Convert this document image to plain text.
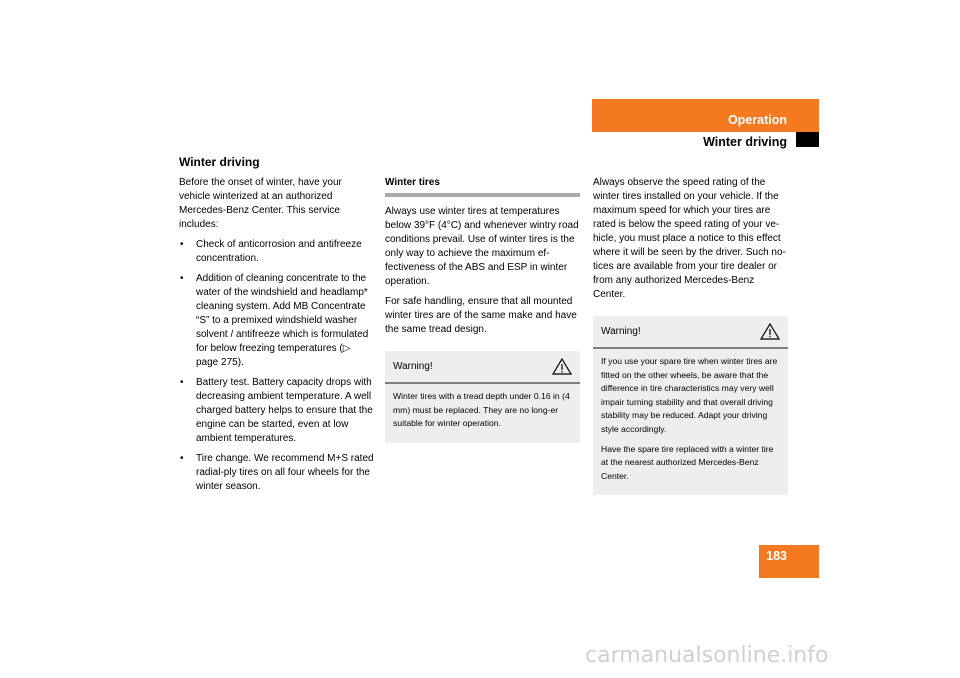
Operation
Winter driving
Winter driving

Before the onset of winter, have your vehicle winterized at an authorized Mercedes-Benz Center. This service includes:

• Check of anticorrosion and antifreeze concentration.
• Addition of cleaning concentrate to the water of the windshield and headlamp* cleaning system. Add MB Concentrate “S” to a premixed windshield washer solvent / antifreeze which is formulated for below freezing temperatures (▷ page 275).
• Battery test. Battery capacity drops with decreasing ambient temperature. A well charged battery helps to ensure that the engine can be started, even at low ambient temperatures.
• Tire change. We recommend M+S rated radial-ply tires on all four wheels for the winter season.
Winter tires

Always use winter tires at temperatures below 39°F (4°C) and whenever wintry road conditions prevail. Use of winter tires is the only way to achieve the maximum ef-fectiveness of the ABS and ESP in winter operation.

For safe handling, ensure that all mounted winter tires are of the same make and have the same tread design.

Warning!

Winter tires with a tread depth under 0.16 in (4 mm) must be replaced. They are no long-er suitable for winter operation.

Always observe the speed rating of the winter tires installed on your vehicle. If the maximum speed for which your tires are rated is below the speed rating of your ve-hicle, you must place a notice to this effect where it will be seen by the driver. Such no-tices are available from your tire dealer or from any authorized Mercedes-Benz Center.

Warning!

If you use your spare tire when winter tires are fitted on the other wheels, be aware that the difference in tire characteristics may very well impair turning stability and that overall driving stability may be reduced. Adapt your driving style accordingly.

Have the spare tire replaced with a winter tire at the nearest authorized Mercedes-Benz Center.

183
carmanualsonline.info
